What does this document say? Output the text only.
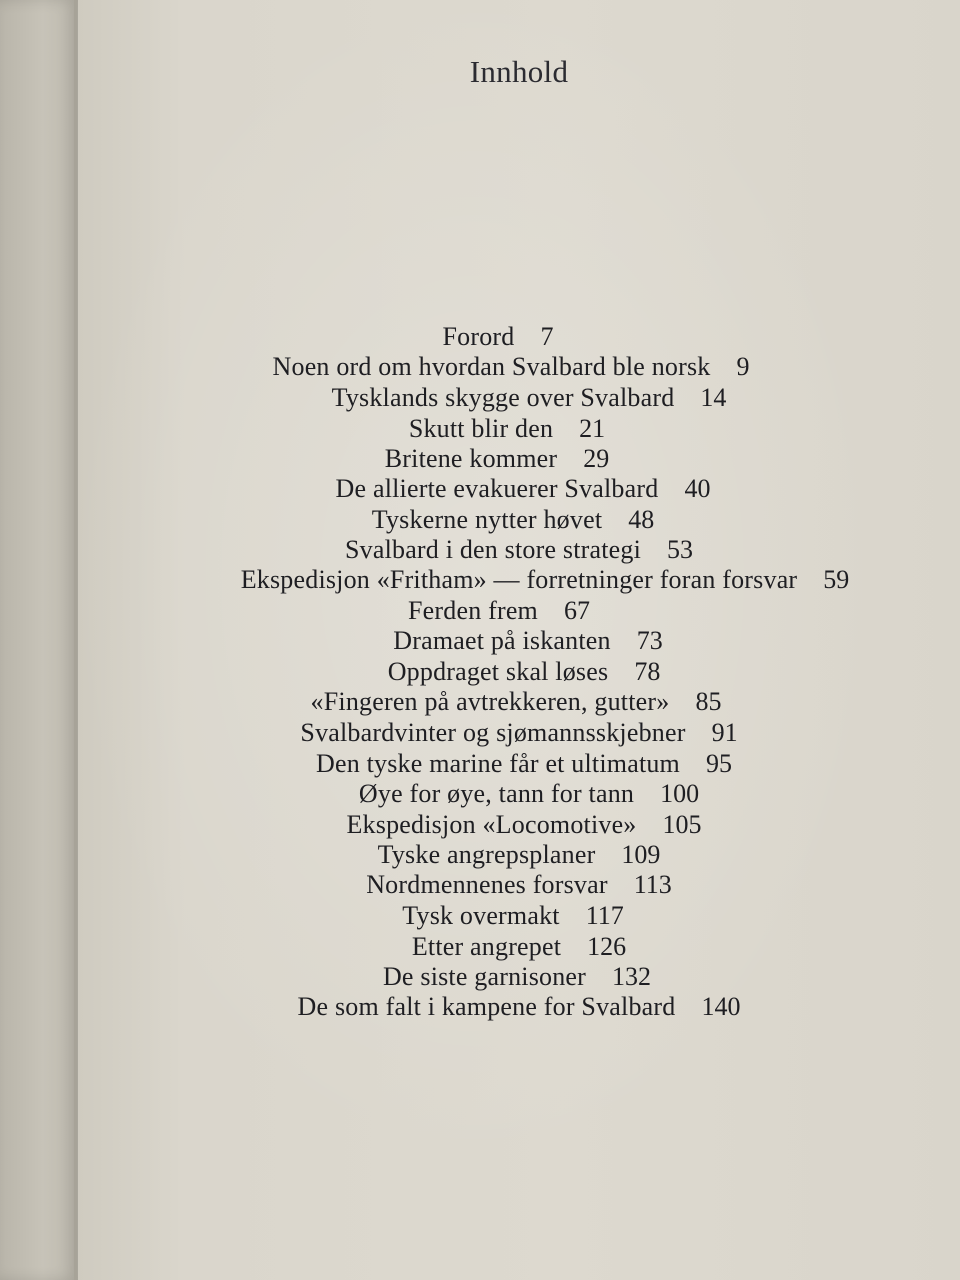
Innhold
Forord 7
Noen ord om hvordan Svalbard ble norsk 9
Tysklands skygge over Svalbard 14
Skutt blir den 21
Britene kommer 29
De allierte evakuerer Svalbard 40
Tyskerne nytter høvet 48
Svalbard i den store strategi 53
Ekspedisjon «Fritham» — forretninger foran forsvar 59
Ferden frem 67
Dramaet på iskanten 73
Oppdraget skal løses 78
«Fingeren på avtrekkeren, gutter» 85
Svalbardvinter og sjømannsskjebner 91
Den tyske marine får et ultimatum 95
Øye for øye, tann for tann 100
Ekspedisjon «Locomotive» 105
Tyske angrepsplaner 109
Nordmennenes forsvar 113
Tysk overmakt 117
Etter angrepet 126
De siste garnisoner 132
De som falt i kampene for Svalbard 140
